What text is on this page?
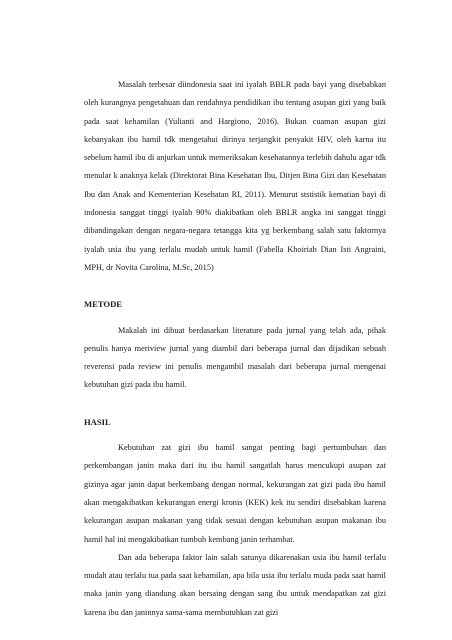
Masalah terbesar diindonesia saat ini iyalah BBLR pada bayi yang disebabkan oleh kurangnya pengetahuan dan rendahnya pendidikan ibu tentang asupan gizi yang baik pada saat kehamilan (Yulianti and Hargiono, 2016). Bukan cuaman asupan gizi kebanyakan ibu hamil tdk mengetahui dirinya terjangkit penyakit HIV, oleh karna itu sebelum hamil ibu di anjurkan untuk memeriksakan kesehatannya terlebih dahulu agar tdk menular k anaknya kelak (Direktorat Bina Kesehatan Ibu, Ditjen Bina Gizi dan Kesehatan Ibu dan Anak and Kementerian Kesehatan RI, 2011). Menurut ststistik kematian bayi di indonesia sanggat tinggi iyalah 90% diakibatkan oleh BBLR angka ini sanggat tinggi dibandingakan dengan negara-negara tetangga kita yg berkembang salah satu faktornya iyalah usia ibu yang terlalu mudah untuk hamil (Fabella Khoiriah Dian Isti Angraini, MPH, dr Novita Carolina, M.Sc, 2015)

METODE

Makalah ini dibuat berdasarkan literature pada jurnal yang telah ada, pihak penulis hanya meriview jurnal yang diambil dari beberapa jurnal dan dijadikan sebuah reverensi pada review ini penulis mengambil masalah dari beberapa jurnal mengenai kebutuhan gizi pada ibu hamil.

HASIL

Kebutuhan zat gizi ibu hamil sangat penting bagi pertumbuhan dan perkembangan janin maka dari itu ibu hamil sangatlah harus mencukupi asupan zat gizinya agar janin dapat berkembang dengan normal, kekurangan zat gizi pada ibu hamil akan mengakibatkan kekurangan energi kronis (KEK) kek itu sendiri disebabkan karena kekurangan asupan makanan yang tidak sesuai dengan kebutuhan asupan makanan ibu hamil hal ini mengakibatkan tumbuh kembang janin terhambat.

Dan ada beberapa faktor lain salah satunya dikarenakan usia ibu hamil terlalu mudah atau terlalu tua pada saat kehamilan, apa bila usia ibu terlalu muda pada saat hamil maka janin yang diandung akan bersaing dengan sang ibu untuk mendapatkan zat gizi karena ibu dan janinnya sama-sama membutuhkan zat gizi
